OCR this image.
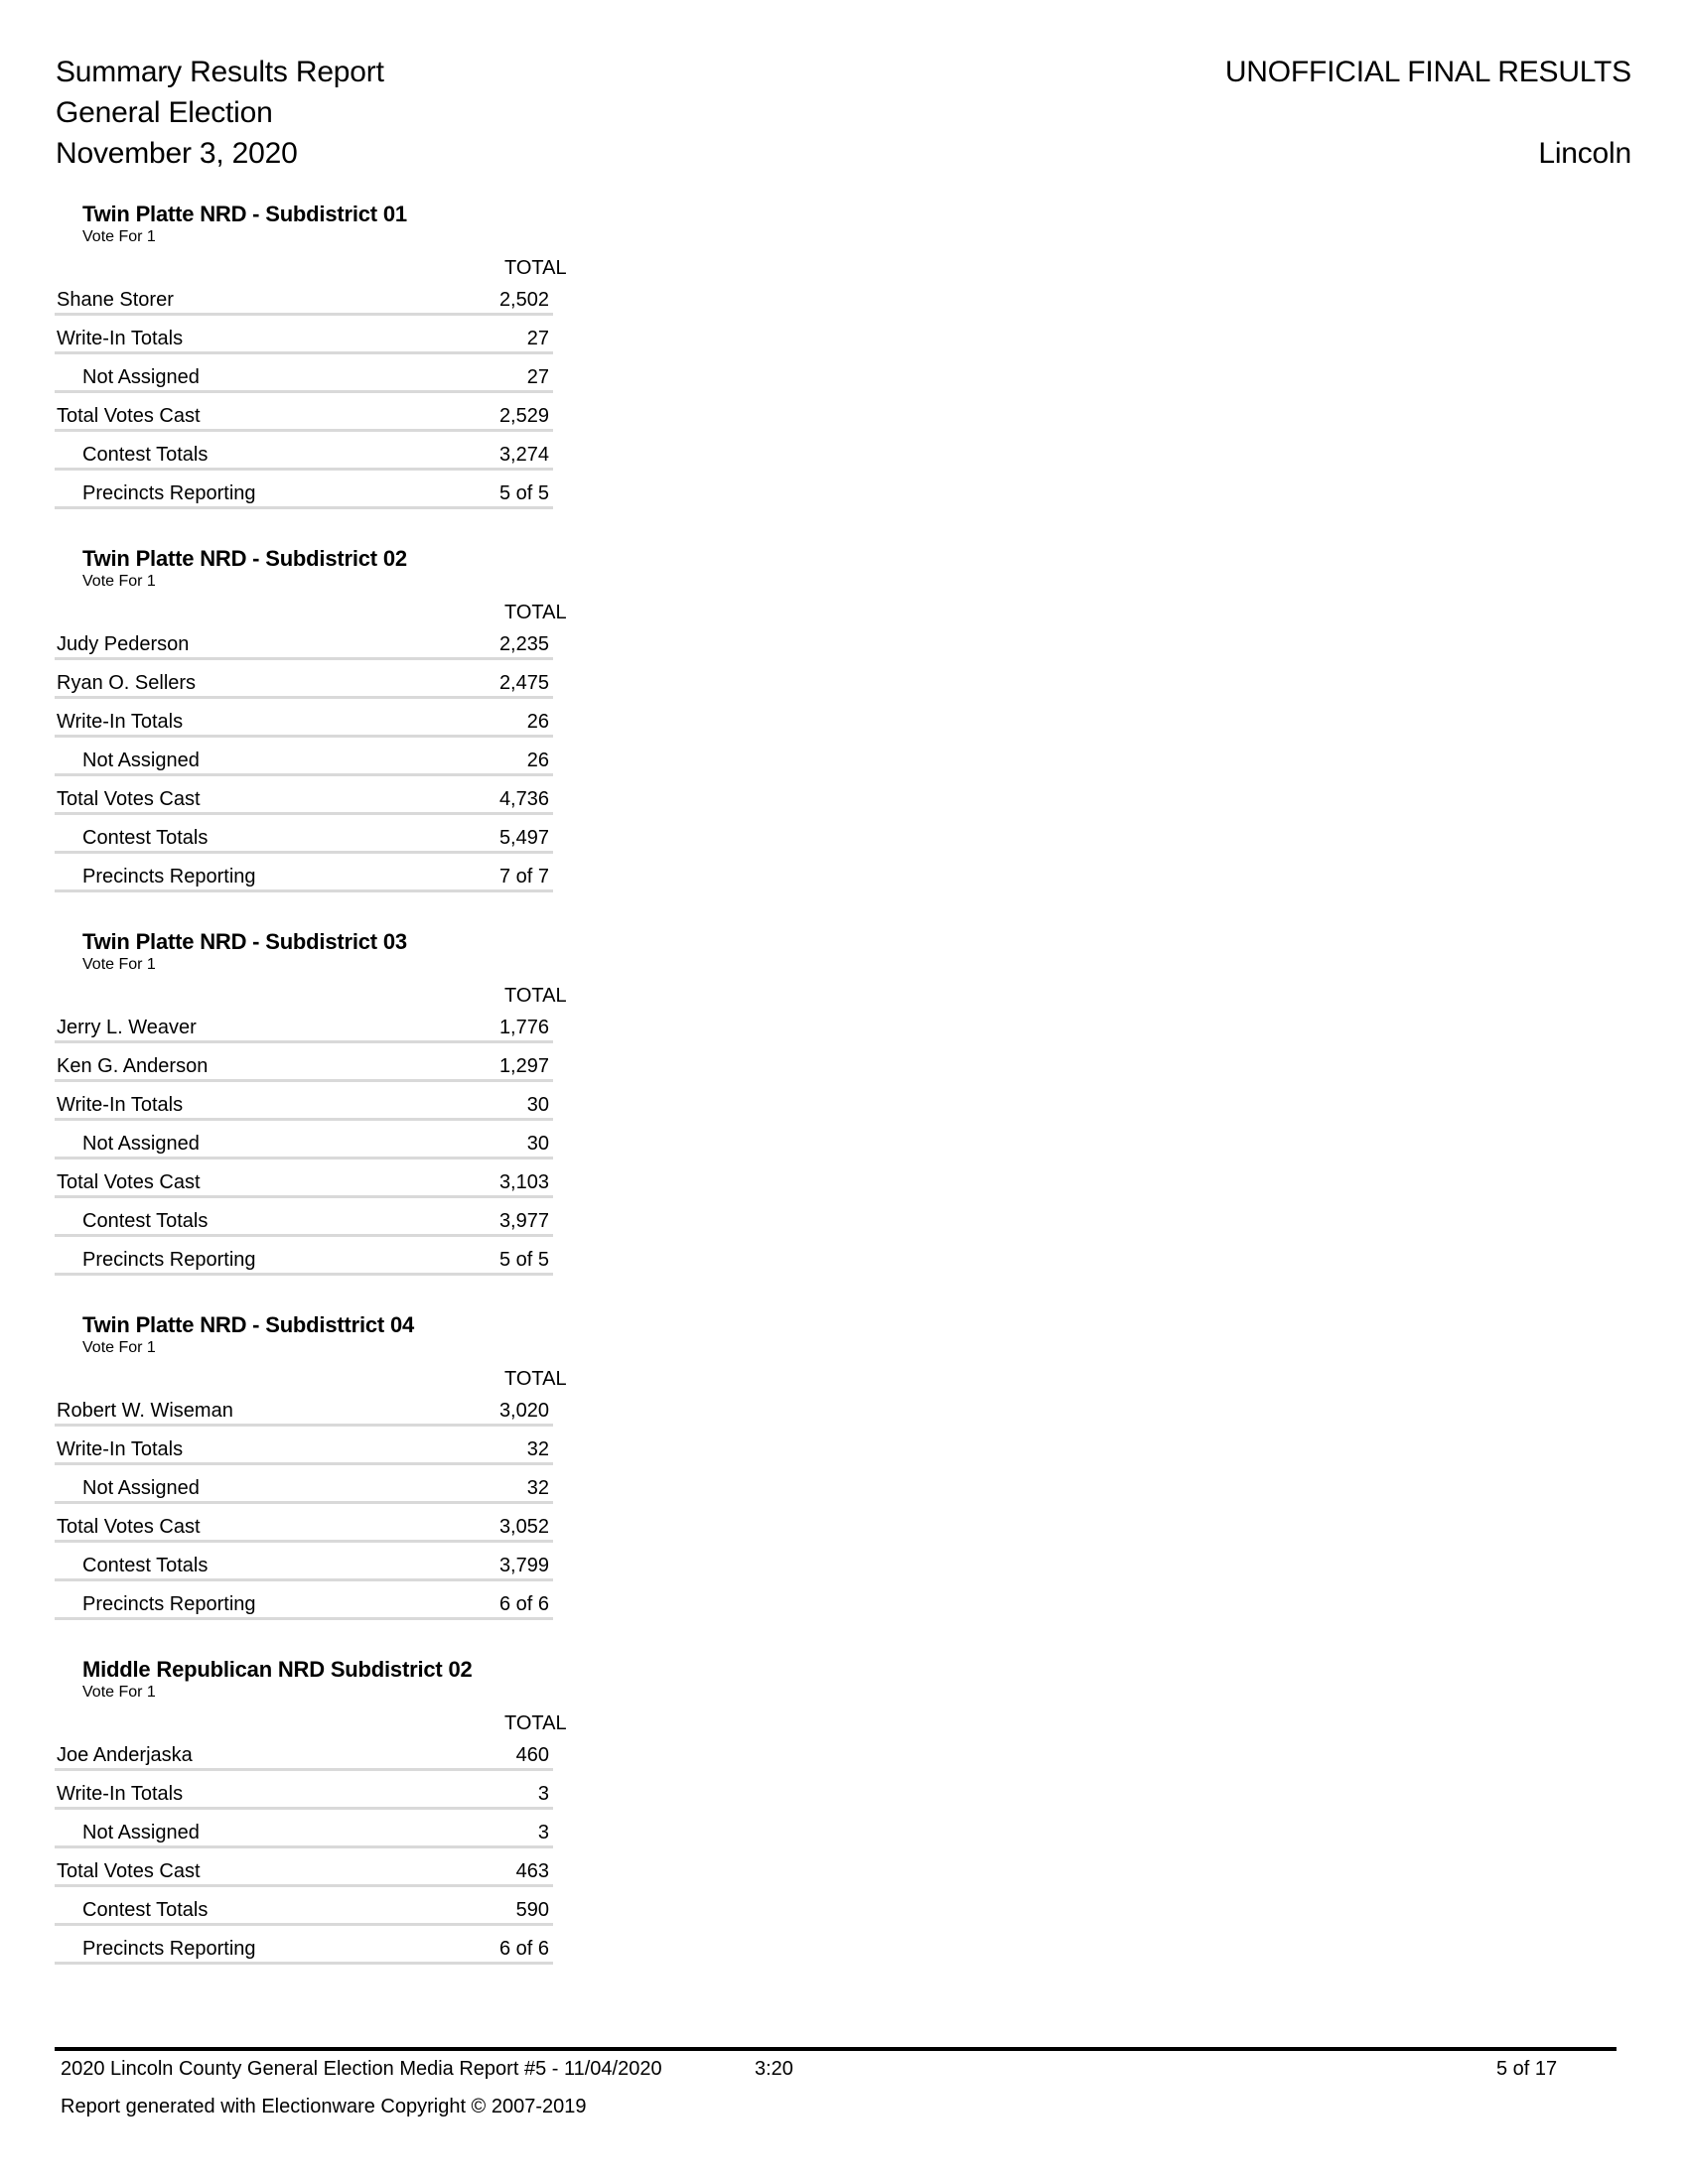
Summary Results Report
General Election
November 3, 2020
UNOFFICIAL FINAL RESULTS
Lincoln
Twin Platte NRD - Subdistrict 01
Vote For 1
TOTAL
Shane Storer	2,502
Write-In Totals	27
Not Assigned	27
Total Votes Cast	2,529
Contest Totals	3,274
Precincts Reporting	5 of 5
Twin Platte NRD - Subdistrict 02
Vote For 1
TOTAL
Judy Pederson	2,235
Ryan O. Sellers	2,475
Write-In Totals	26
Not Assigned	26
Total Votes Cast	4,736
Contest Totals	5,497
Precincts Reporting	7 of 7
Twin Platte NRD - Subdistrict 03
Vote For 1
TOTAL
Jerry L. Weaver	1,776
Ken G. Anderson	1,297
Write-In Totals	30
Not Assigned	30
Total Votes Cast	3,103
Contest Totals	3,977
Precincts Reporting	5 of 5
Twin Platte NRD - Subdisttrict 04
Vote For 1
TOTAL
Robert W. Wiseman	3,020
Write-In Totals	32
Not Assigned	32
Total Votes Cast	3,052
Contest Totals	3,799
Precincts Reporting	6 of 6
Middle Republican NRD Subdistrict 02
Vote For 1
TOTAL
Joe Anderjaska	460
Write-In Totals	3
Not Assigned	3
Total Votes Cast	463
Contest Totals	590
Precincts Reporting	6 of 6
2020 Lincoln County General Election Media Report #5 - 11/04/2020	3:20	5 of 17
Report generated with Electionware Copyright © 2007-2019
